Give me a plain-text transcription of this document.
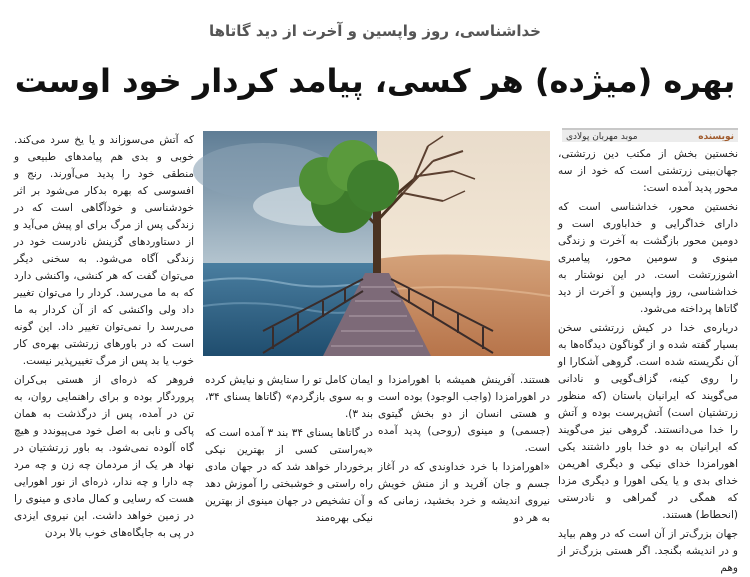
خداشناسی، روز واپسین و آخرت از دید گاتاها
بهره (میژده) هر کسی، پیامد کردار خود اوست
نویسنده
موبد مهربان پولادی

نخستین بخش از مکتب دین زرتشتی، جهان‌بینی زرتشتی است که خود از سه محور پدید آمده است:

نخستین محور، خداشناسی است که دارای خداگرایی و خداباوری است و دومین محور بازگشت به آخرت و زندگی مینوی و سومین محور، پیامبری اشوزرتشت است. در این نوشتار به خداشناسی، روز واپسین و آخرت از دید گاتاها پرداخته می‌شود.

درباره‌ی خدا در کیش زرتشتی سخن بسیار گفته شده و از گوناگون دیدگاه‌ها به آن نگریسته شده است. گروهی آشکارا او را روی کینه، گزاف‌گویی و نادانی می‌گویند که ایرانیان باستان (که منظور زرتشتیان است) آتش‌پرست بوده و آتش را خدا می‌دانستند. گروهی نیز می‌گویند که ایرانیان به دو خدا باور داشتند یکی اهورامزدا خدای نیکی و دیگری اهریمن خدای بدی و یا یکی اهورا و دیگری مزدا که همگی در گمراهی و نادرستی (انحطاط) هستند.

جهان بزرگ‌تر از آن است که در وهم بیاید و در اندیشه بگنجد. اگر هستی بزرگ‌تر از وهم

هستند. آفرینش همیشه با اهورامزدا و در اهورامزدا (واجب الوجود) بوده است و هستی انسان از دو بخش گیتوی (جسمی) و مینوی (روحی) پدید آمده است.

«اهورامزدا با خرد خداوندی که در آغاز جسم و جان آفرید و از منش خویش نیروی اندیشه و خرد بخشید، زمانی که به هر دو

ایمان کامل تو را ستایش و نیایش کرده و به سوی بازگردم» (گاتاها یسنای ۳۴، بند ۳).

در گاتاها یسنای ۳۴ بند ۳ آمده است که «به‌راستی کسی از بهترین نیکی برخوردار خواهد شد که در جهان مادی راه راستی و خوشبختی را آموزش دهد و آن تشخیص در جهان مینوی از بهترین نیکی بهره‌مند

که آتش می‌سوزاند و یا یخ سرد می‌کند. خوبی و بدی هم پیامدهای طبیعی و منطقی خود را پدید می‌آورند. رنج و افسوسی که بهره بدکار می‌شود بر اثر خودشناسی و خودآگاهی است که در زندگی پس از مرگ برای او پیش می‌آید و از دستاوردهای گزینش نادرست خود در زندگی آگاه می‌شود. به سخنی دیگر می‌توان گفت که هر کنشی، واکنشی دارد که به ما می‌رسد. کردار را می‌توان تغییر داد ولی واکنشی که از آن کردار به ما می‌رسد را نمی‌توان تغییر داد. این گونه است که در باورهای زرتشتی بهره‌ی کار خوب یا بد پس از مرگ تغییرپذیر نیست.

فروهر که ذره‌ای از هستی بی‌کران پروردگار بوده و برای راهنمایی روان، به تن در آمده، پس از درگذشت به همان پاکی و نابی به اصل خود می‌پیوندد و هیچ گاه آلوده نمی‌شود. به باور زرتشتیان در نهاد هر یک از مردمان چه زن و چه مرد چه دارا و چه ندار، ذره‌ای از نور اهورایی هست که رسایی و کمال مادی و مینوی را در زمین خواهد داشت. این نیروی ایزدی در پی به جایگاه‌های خوب بالا بردن
